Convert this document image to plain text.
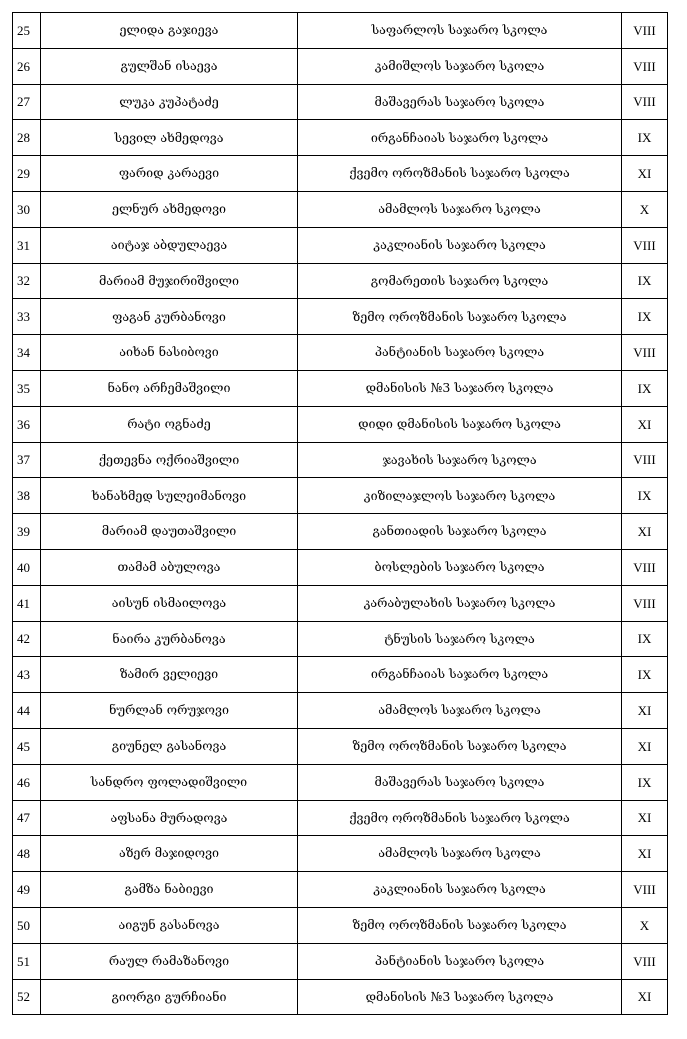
25	ელიდა გაჯიევა	საფარლოს საჯარო სკოლა	VIII
26	გულშან ისაევა	კამიშლოს საჯარო სკოლა	VIII
27	ლუკა კუპატაძე	მაშავერას საჯარო სკოლა	VIII
28	სევილ ახმედოვა	ირგანჩაიას საჯარო სკოლა	IX
29	ფარიდ კარაევი	ქვემო ოროზმანის საჯარო სკოლა	XI
30	ელნურ ახმედოვი	ამამლოს საჯარო სკოლა	X
31	აიტაჯ აბდულაევა	კაკლიანის საჯარო სკოლა	VIII
32	მარიამ მუჯირიშვილი	გომარეთის საჯარო სკოლა	IX
33	ფაგან კურბანოვი	ზემო ოროზმანის საჯარო სკოლა	IX
34	აიხან ნასიბოვი	პანტიანის საჯარო სკოლა	VIII
35	ნანო არჩემაშვილი	დმანისის №3 საჯარო სკოლა	IX
36	რატი ოგნაძე	დიდი დმანისის საჯარო სკოლა	XI
37	ქეთევნა ოქრიაშვილი	ჯავახის საჯარო სკოლა	VIII
38	ხანახმედ სულეიმანოვი	კიზილაჯლოს საჯარო სკოლა	IX
39	მარიამ დაუთაშვილი	განთიადის საჯარო სკოლა	XI
40	თამამ აბულოვა	ბოსლების საჯარო სკოლა	VIII
41	აისუნ ისმაილოვა	კარაბულახის საჯარო სკოლა	VIII
42	ნაირა კურბანოვა	ტნუსის საჯარო სკოლა	IX
43	ზამირ ველიევი	ირგანჩაიას საჯარო სკოლა	IX
44	ნურლან ორუჯოვი	ამამლოს საჯარო სკოლა	XI
45	გიუნელ გასანოვა	ზემო ოროზმანის საჯარო სკოლა	XI
46	სანდრო ფოლადიშვილი	მაშავერას საჯარო სკოლა	IX
47	აფსანა მურადოვა	ქვემო ოროზმანის საჯარო სკოლა	XI
48	აზერ მაჯიდოვი	ამამლოს საჯარო სკოლა	XI
49	გამზა ნაბიევი	კაკლიანის საჯარო სკოლა	VIII
50	აიგუნ გასანოვა	ზემო ოროზმანის საჯარო სკოლა	X
51	რაულ რამაზანოვი	პანტიანის საჯარო სკოლა	VIII
52	გიორგი გურჩიანი	დმანისის №3 საჯარო სკოლა	XI
